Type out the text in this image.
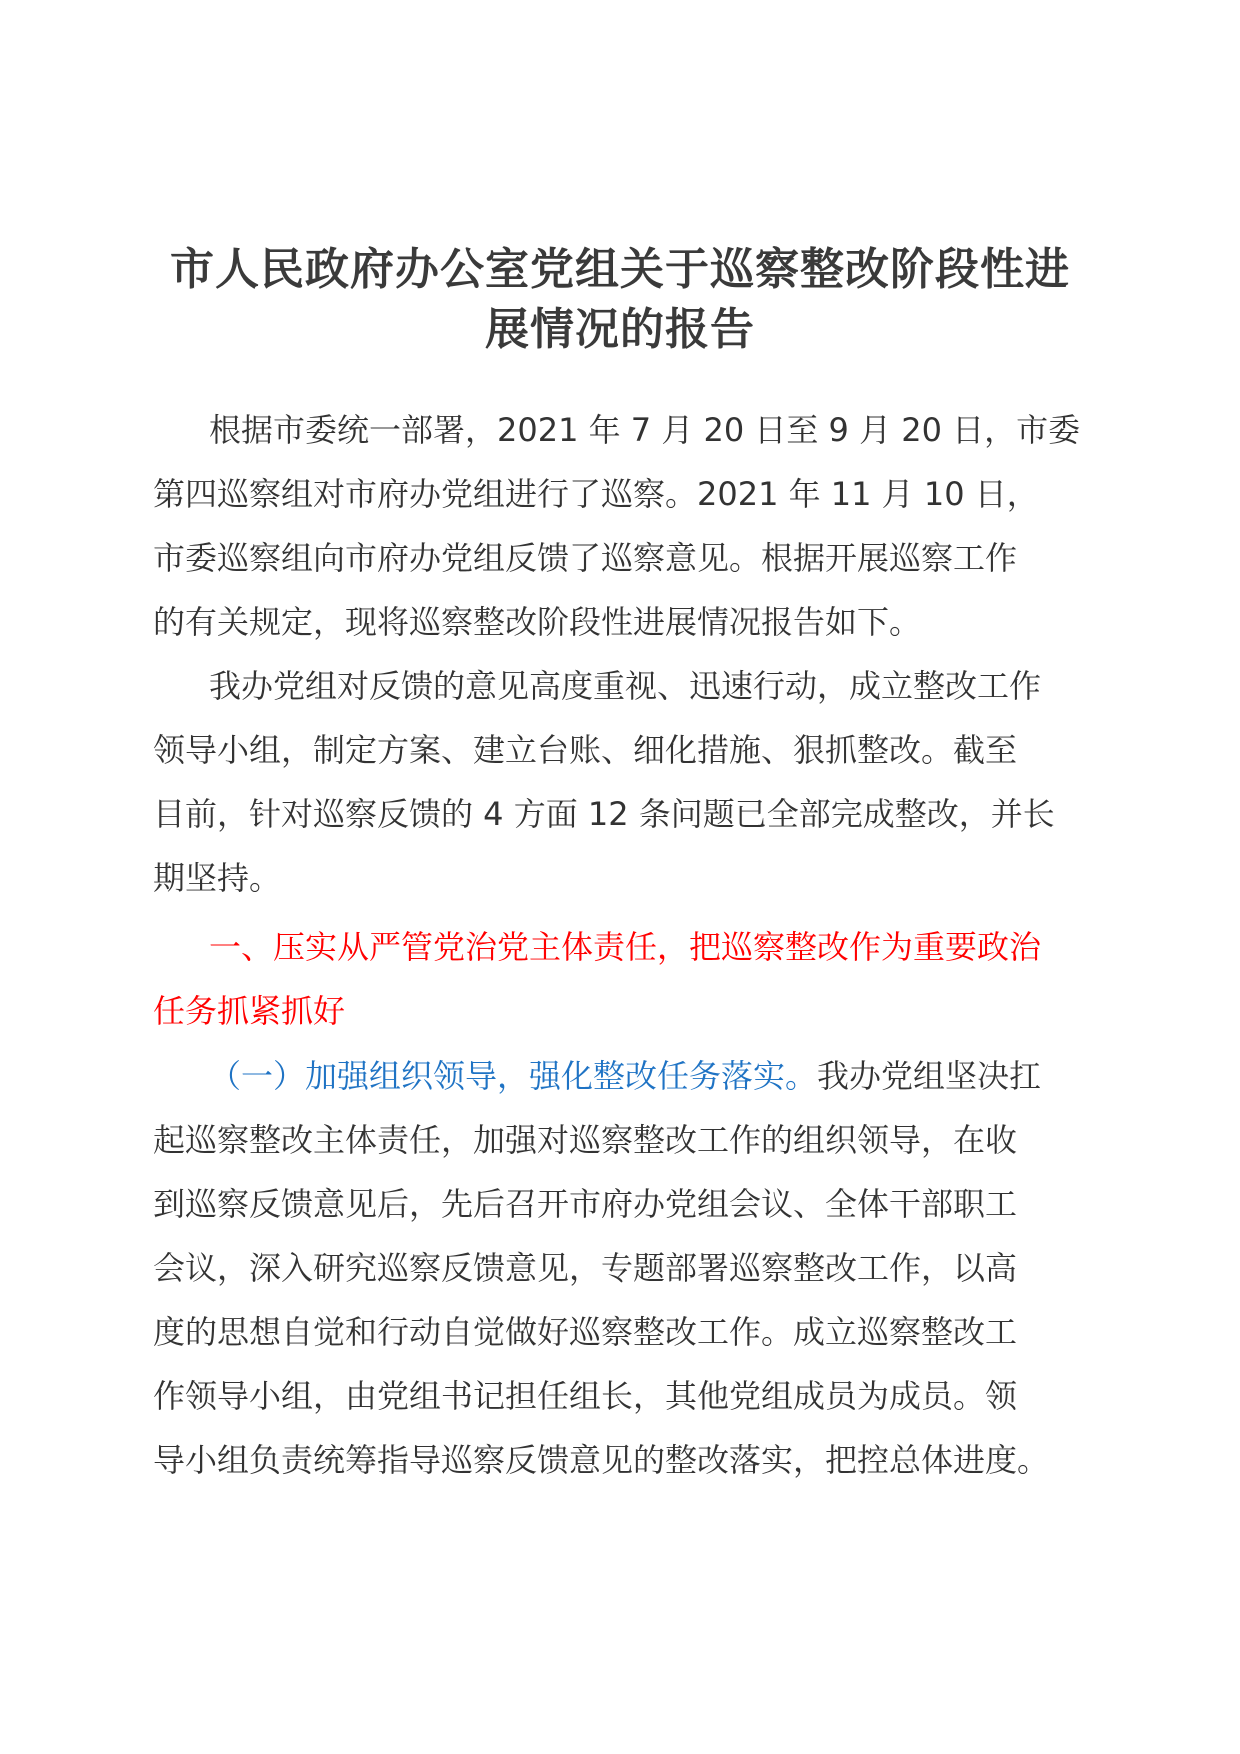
市人民政府办公室党组关于巡察整改阶段性进
展情况的报告
根据市委统一部署，2021 年 7 月 20 日至 9 月 20 日，市委
第四巡察组对市府办党组进行了巡察。2021 年 11 月 10 日，
市委巡察组向市府办党组反馈了巡察意见。根据开展巡察工作
的有关规定，现将巡察整改阶段性进展情况报告如下。
我办党组对反馈的意见高度重视、迅速行动，成立整改工作
领导小组，制定方案、建立台账、细化措施、狠抓整改。截至
目前，针对巡察反馈的 4 方面 12 条问题已全部完成整改，并长
期坚持。
一、压实从严管党治党主体责任，把巡察整改作为重要政治
任务抓紧抓好
（一）加强组织领导，强化整改任务落实。我办党组坚决扛
起巡察整改主体责任，加强对巡察整改工作的组织领导，在收
到巡察反馈意见后，先后召开市府办党组会议、全体干部职工
会议，深入研究巡察反馈意见，专题部署巡察整改工作，以高
度的思想自觉和行动自觉做好巡察整改工作。成立巡察整改工
作领导小组，由党组书记担任组长，其他党组成员为成员。领
导小组负责统筹指导巡察反馈意见的整改落实，把控总体进度。
